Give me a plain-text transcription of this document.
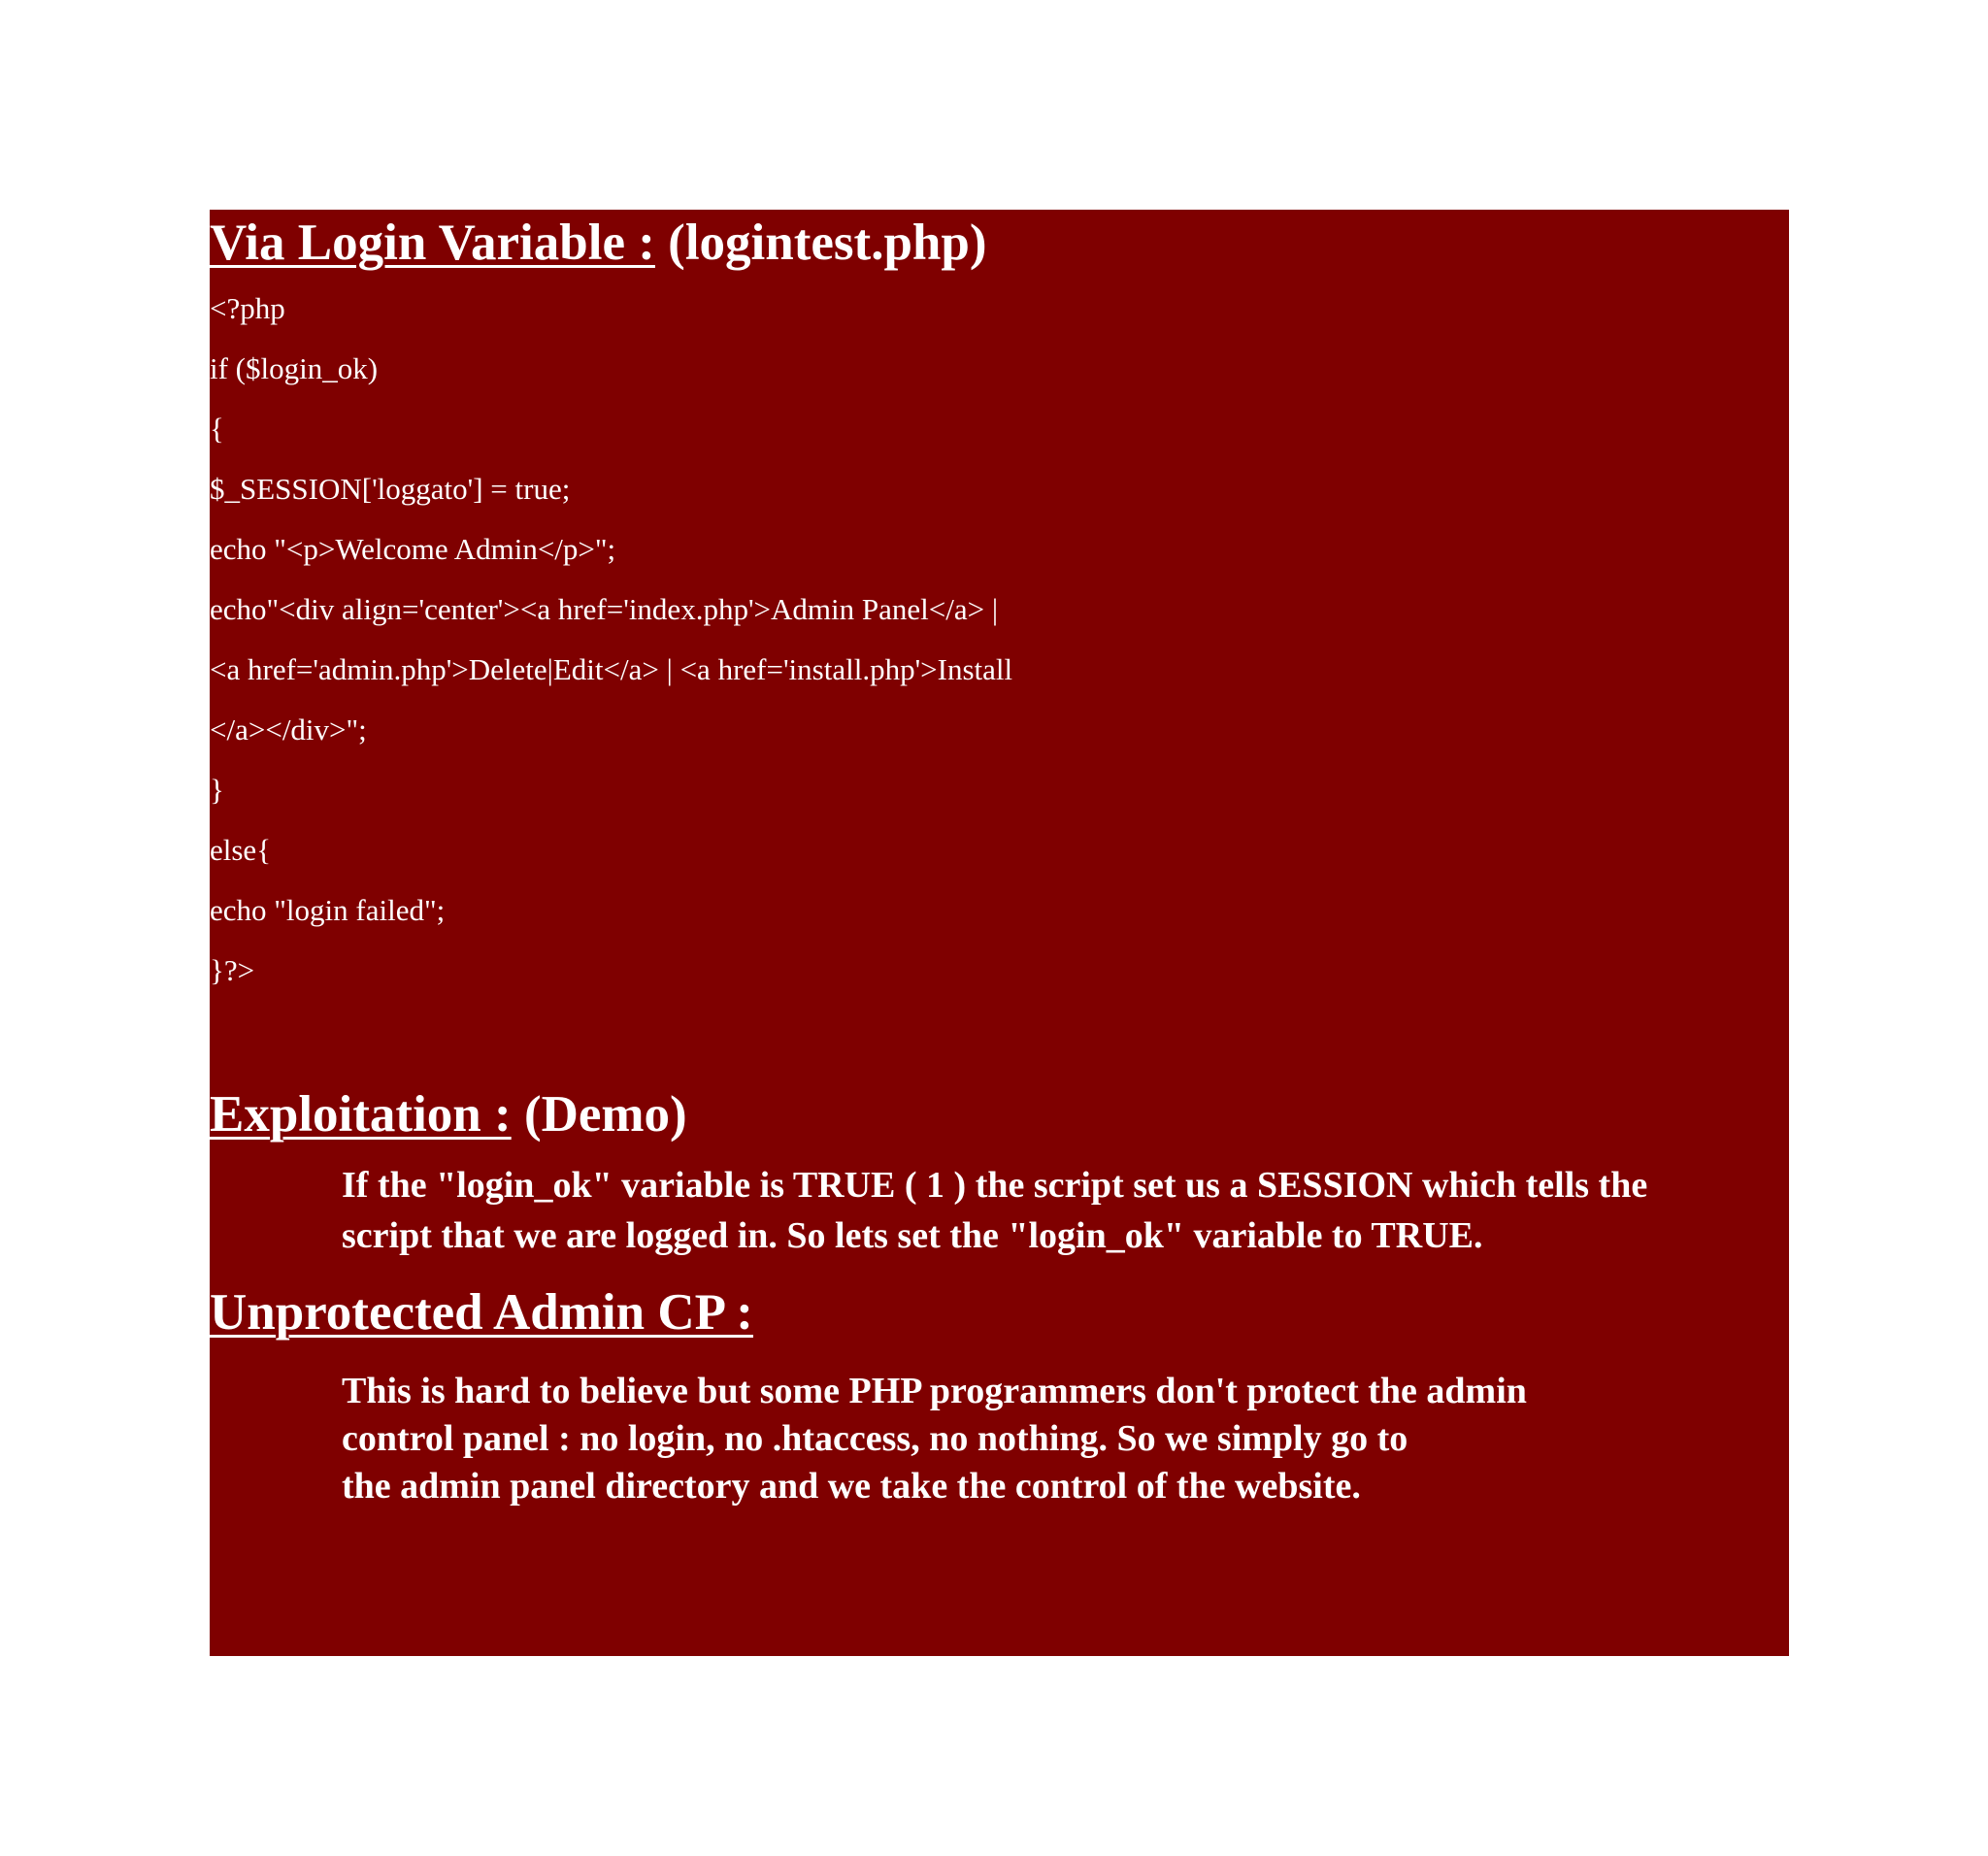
Via Login Variable : (logintest.php)
<?php
if ($login_ok)
{
$_SESSION['loggato'] = true;
echo "<p>Welcome Admin</p>";
echo"<div align='center'><a href='index.php'>Admin Panel</a> |
<a href='admin.php'>Delete|Edit</a> | <a href='install.php'>Install
</a></div>";
}
else{
echo "login failed";
}?>
Exploitation : (Demo)
If the "login_ok" variable is TRUE ( 1 ) the script set us a SESSION which tells the
script that we are logged in. So lets set the "login_ok" variable to TRUE.
Unprotected Admin CP :
This is hard to believe but some PHP programmers don't protect the admin
control panel : no login, no .htaccess, no nothing. So we simply go to
the admin panel directory and we take the control of the website.
